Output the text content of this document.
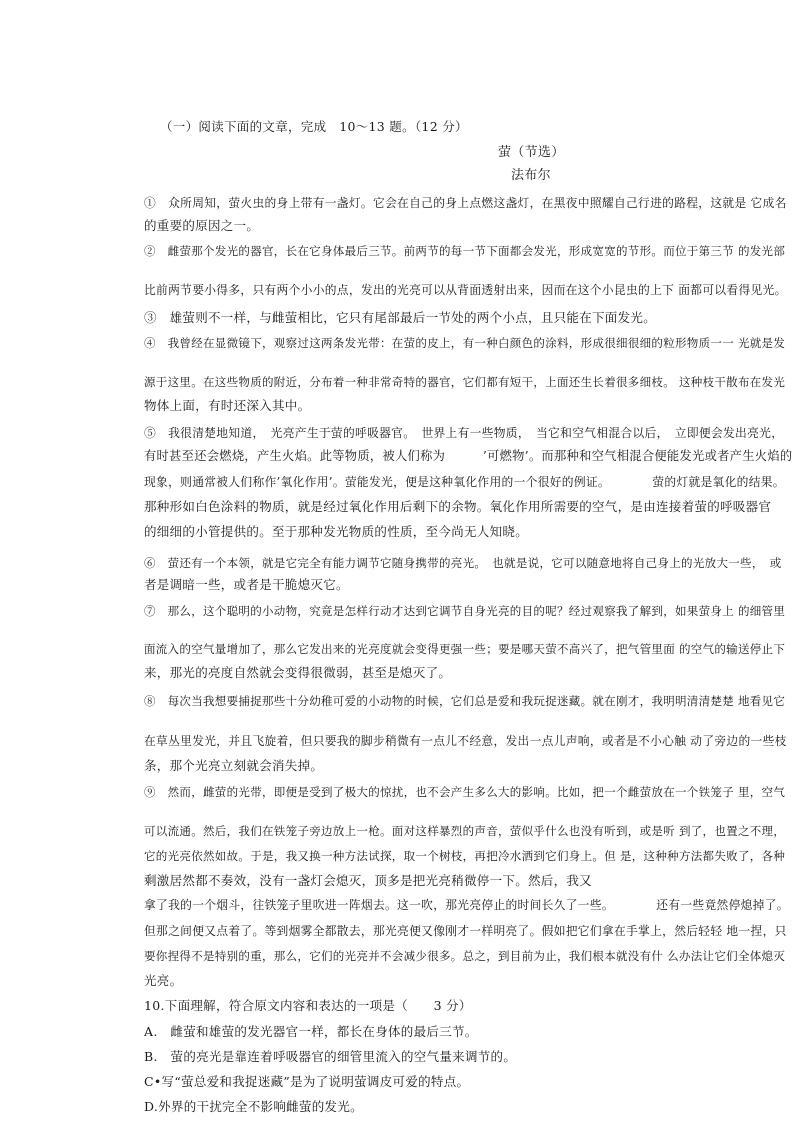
（一）阅读下面的文章，完成　10～13 题。（12 分）
萤（节选）
法布尔
①　众所周知，萤火虫的身上带有一盏灯。它会在自己的身上点燃这盏灯，在黑夜中照耀自己行进的路程，这就是 它成名
的重要的原因之一。
②　雌萤那个发光的器官，长在它身体最后三节。前两节的每一节下面都会发光，形成宽宽的节形。而位于第三节 的发光部
比前两节要小得多，只有两个小小的点，发出的光亮可以从背面透射出来，因而在这个小昆虫的上下 面都可以看得见光。
③　雄萤则不一样，与雌萤相比，它只有尾部最后一节处的两个小点，且只能在下面发光。
④　我曾经在显微镜下，观察过这两条发光带：在萤的皮上，有一种白颜色的涂料，形成很细很细的粒形物质一一 光就是发
源于这里。在这些物质的附近，分布着一种非常奇特的器官，它们都有短干，上面还生长着很多细枝。 这种枝干散布在发光
物体上面，有时还深入其中。
⑤　我很清楚地知道，　光亮产生于萤的呼吸器官。　世界上有一些物质，　当它和空气相混合以后，　立即便会发出亮光，
有时甚至还会燃烧，产生火焰。此等物质，被人们称为　　　’可燃物’。而那种和空气相混合便能发光或者产生火焰的
现象，则通常被人们称作’氧化作用’。萤能发光，便是这种氧化作用的一个很好的例证。　　　　萤的灯就是氧化的结果。
那种形如白色涂料的物质，就是经过氧化作用后剩下的余物。氧化作用所需要的空气，是由连接着萤的呼吸器官
的细细的小管提供的。至于那种发光物质的性质，至今尚无人知晓。
⑥　萤还有一个本领，就是它完全有能力调节它随身携带的亮光。　也就是说，它可以随意地将自己身上的光放大一些，　或
者是调暗一些，或者是干脆熄灭它。
⑦　那么，这个聪明的小动物，究竟是怎样行动才达到它调节自身光亮的目的呢？经过观察我了解到，如果萤身上 的细管里
面流入的空气量增加了，那么它发出来的光亮度就会变得更强一些；要是哪天萤不高兴了，把气管里面 的空气的输送停止下
来，那光的亮度自然就会变得很微弱，甚至是熄灭了。
⑧　每次当我想要捕捉那些十分幼稚可爱的小动物的时候，它们总是爱和我玩捉迷藏。就在刚才，我明明清清楚楚 地看见它
在草丛里发光，并且飞旋着，但只要我的脚步稍微有一点儿不经意，发出一点儿声响，或者是不小心触 动了旁边的一些枝
条，那个光亮立刻就会消失掉。
⑨　然而，雌萤的光带，即便是受到了极大的惊扰，也不会产生多么大的影响。比如，把一个雌萤放在一个铁笼子 里，空气
可以流通。然后，我们在铁笼子旁边放上一枪。面对这样暴烈的声音，萤似乎什么也没有听到，或是听 到了，也置之不理，
它的光亮依然如故。于是，我又换一种方法试探，取一个树枝，再把冷水洒到它们身上。但 是，这种种方法都失败了，各种
剩激居然都不奏效，没有一盏灯会熄灭，顶多是把光亮稍微停一下。然后，我又
拿了我的一个烟斗，往铁笼子里吹进一阵烟去。这一吹，那光亮停止的时间长久了一些。　　　　还有一些竟然停熄掉了。
但那之间便又点着了。等到烟雾全都散去，那光亮便又像刚才一样明亮了。假如把它们拿在手掌上，然后轻轻 地一捏，只
要你捏得不是特别的重，那么，它们的光亮并不会减少很多。总之，到目前为止，我们根本就没有什 么办法让它们全体熄灭
光亮。
10.下面理解，符合原文内容和表达的一项是（　　3 分）
A.　雌萤和雄萤的发光器官一样，都长在身体的最后三节。
B.　萤的亮光是靠连着呼吸器官的细管里流入的空气量来调节的。
C•写“萤总爱和我捉迷藏”是为了说明萤调皮可爱的特点。
D.外界的干扰完全不影响雌萤的发光。
